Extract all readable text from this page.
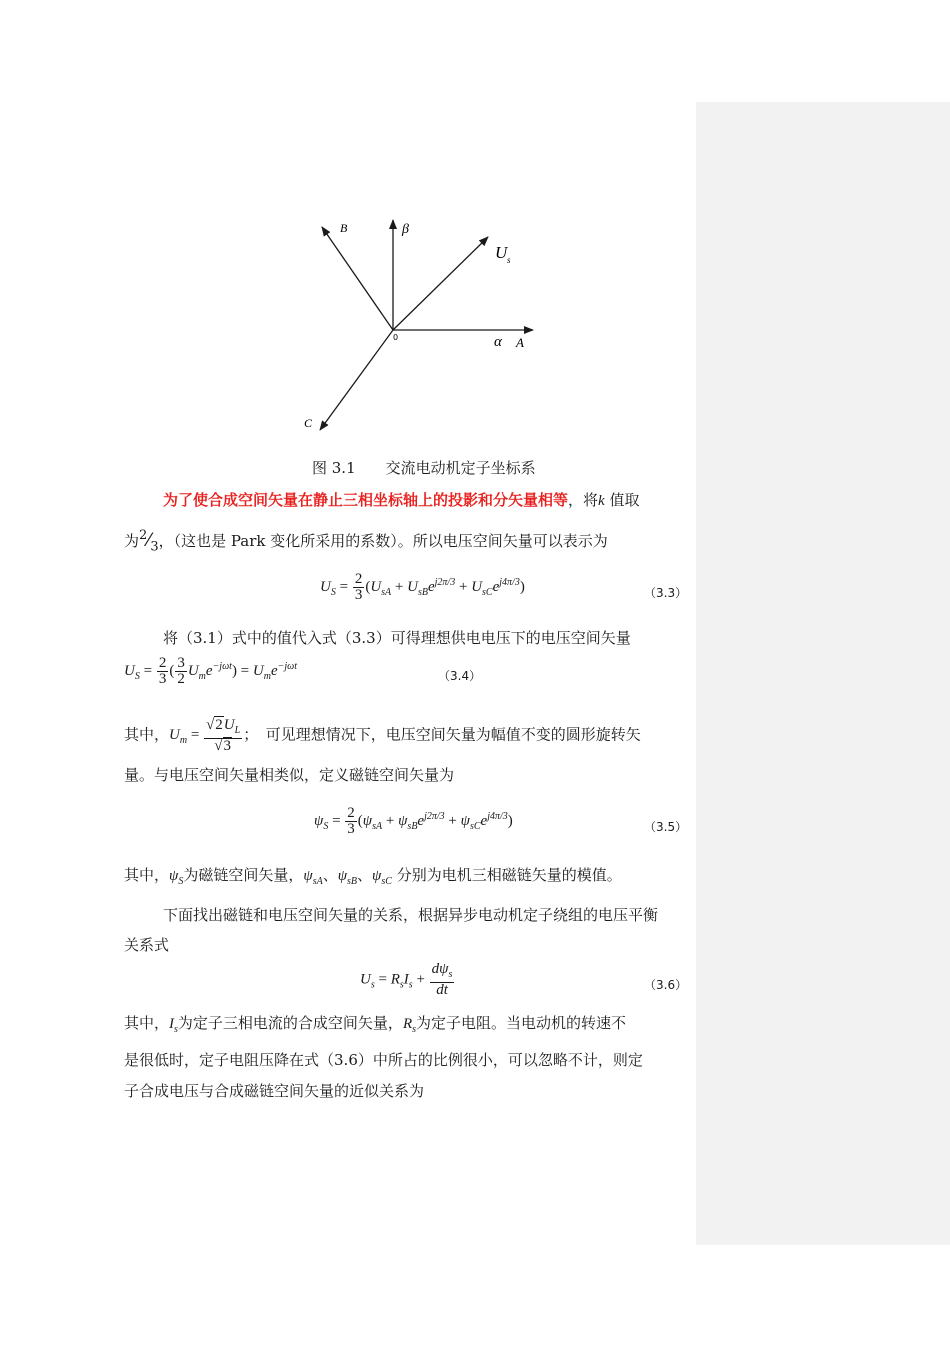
B	β
U s
0	α A
C
图 3.1　　交流电动机定子坐标系
为了使合成空间矢量在静止三相坐标轴上的投影和分矢量相等，将k 值取
为$^2⁄_3$，（这也是 Park 变化所采用的系数）。所以电压空间矢量可以表示为
$U_S = \frac{2}{3} (U_{sA} + U_{sB}e^{j2\pi/3} + U_{sC}e^{j4\pi/3})$	（3.3）
将（3.1）式中的值代入式（3.3）可得理想供电电压下的电压空间矢量
$U_S = \frac{2}{3}$ ( $\frac{3}{2} U_me^{-j\omega t}) = U_me^{-j\omega t}$
（3.4）
其中，$U_m = \frac{√2U_L}{√3}$ ；　可见理想情况下，电压空间矢量为幅值不变的圆形旋转矢
量。与电压空间矢量相类似，定义磁链空间矢量为
$\psi_S = \frac{2}{3} (\psi_{sA} + \psi_{sB}e^{j2\pi/3} + \psi_{sC}e^{j4\pi/3})$	（3.5）
其中，$\psi_S$为磁链空间矢量，$\psi_{sA}$、$\psi_{sB}$、$\psi_{sC}$ 分别为电机三相磁链矢量的模值。
下面找出磁链和电压空间矢量的关系，根据异步电动机定子绕组的电压平衡
关系式
$U_s = R_sI_s + \frac{d\psi_s}{dt}$	（3.6）
其中，$I_s$为定子三相电流的合成空间矢量，$R_s$为定子电阻。当电动机的转速不
是很低时，定子电阻压降在式（3.6）中所占的比例很小，可以忽略不计，则定
子合成电压与合成磁链空间矢量的近似关系为
